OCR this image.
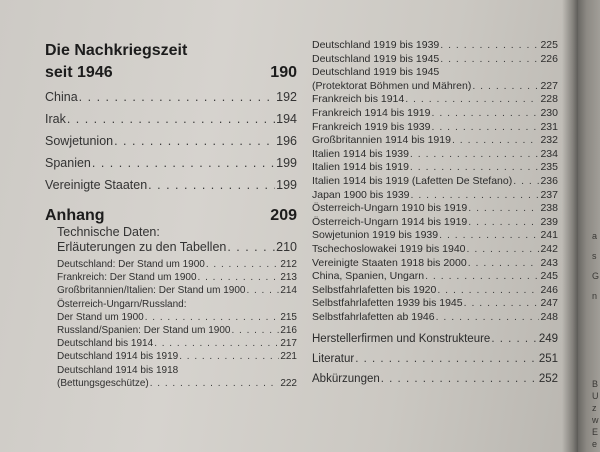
a
s
G
n
B
U
z
w
E
e
Die Nachkriegszeit
seit 1946	190
China . . .	192
Irak . . .	194
Sowjetunion . . .	196
Spanien . . .	199
Vereinigte Staaten . . .	199
Anhang	209
Technische Daten:
Erläuterungen zu den Tabellen . . .	210
Deutschland: Der Stand um 1900 . . .	212
Frankreich: Der Stand um 1900 . . .	213
Großbritannien/Italien: Der Stand um 1900 . . .	214
Österreich-Ungarn/Russland:
Der Stand um 1900 . . .	215
Russland/Spanien: Der Stand um 1900 . . .	216
Deutschland bis 1914 . . .	217
Deutschland 1914 bis 1919 . . .	221
Deutschland 1914 bis 1918
(Bettungsgeschütze) . . .	222
Deutschland 1919 bis 1939 . . .	225
Deutschland 1919 bis 1945 . . .	226
Deutschland 1919 bis 1945
(Protektorat Böhmen und Mähren) . . .	227
Frankreich bis 1914 . . .	228
Frankreich 1914 bis 1919 . . .	230
Frankreich 1919 bis 1939 . . .	231
Großbritannien 1914 bis 1919 . . .	232
Italien 1914 bis 1939 . . .	234
Italien 1914 bis 1919 . . .	235
Italien 1914 bis 1919 (Lafetten De Stefano) . . .	236
Japan 1900 bis 1939 . . .	237
Österreich-Ungarn 1910 bis 1919 . . .	238
Österreich-Ungarn 1914 bis 1919 . . .	239
Sowjetunion 1919 bis 1939 . . .	241
Tschechoslowakei 1919 bis 1940 . . .	242
Vereinigte Staaten 1918 bis 2000 . . .	243
China, Spanien, Ungarn . . .	245
Selbstfahrlafetten bis 1920 . . .	246
Selbstfahrlafetten 1939 bis 1945 . . .	247
Selbstfahrlafetten ab 1946 . . .	248
Herstellerfirmen und Konstrukteure . . .	249
Literatur . . .	251
Abkürzungen . . .	252
